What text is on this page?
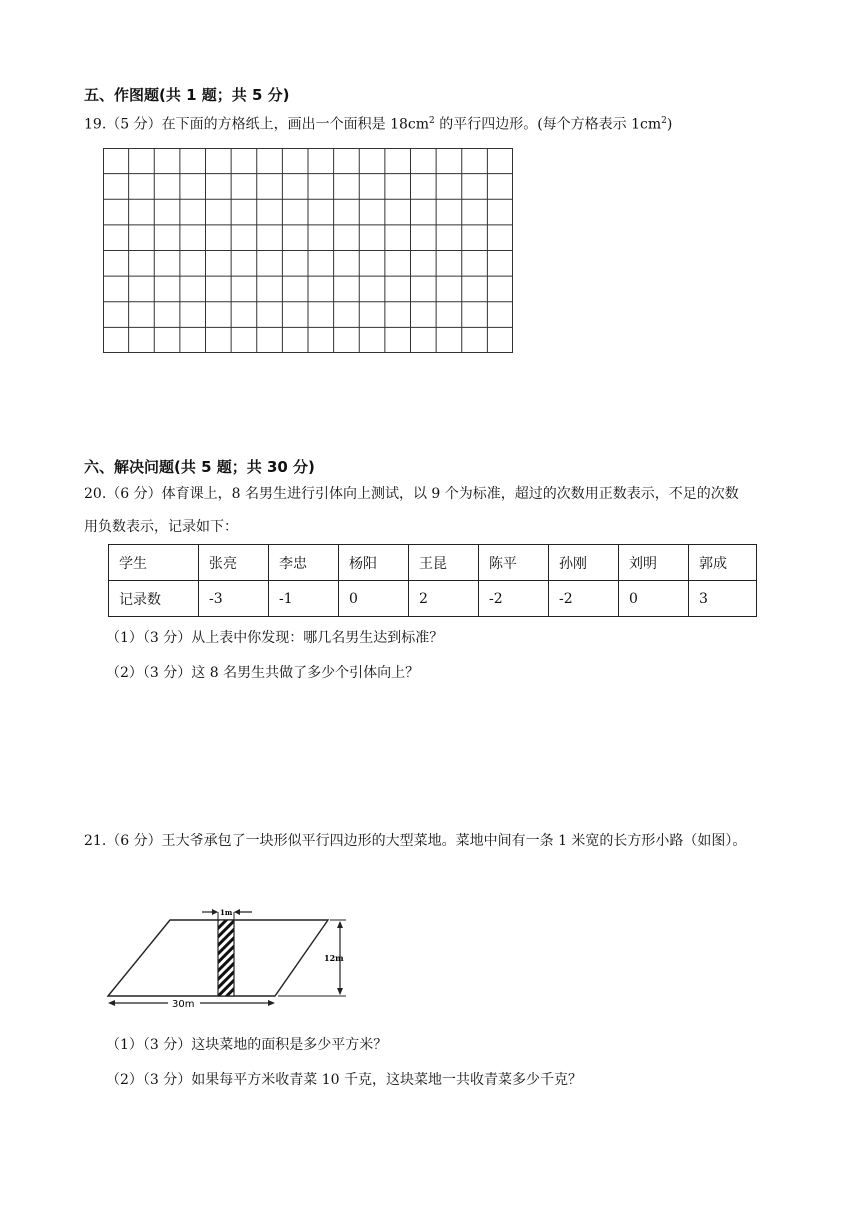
五、作图题(共 1 题；共 5 分)
19.（5 分）在下面的方格纸上，画出一个面积是 $18cm^2$ 的平行四边形。(每个方格表示 $1cm^2$)
六、解决问题(共 5 题；共 30 分)
20.（6 分）体育课上，8 名男生进行引体向上测试，以 9 个为标准，超过的次数用正数表示，不足的次数
用负数表示，记录如下：
学生	张亮	李忠	杨阳	王昆	陈平	孙刚	刘明	郭成
记录数	-3	-1	0	2	-2	-2	0	3
（1）（3 分）从上表中你发现：哪几名男生达到标准？
（2）（3 分）这 8 名男生共做了多少个引体向上？
21.（6 分）王大爷承包了一块形似平行四边形的大型菜地。菜地中间有一条 1 米宽的长方形小路（如图）。
1m
12m
30m
（1）（3 分）这块菜地的面积是多少平方米？
（2）（3 分）如果每平方米收青菜 10 千克，这块菜地一共收青菜多少千克？
